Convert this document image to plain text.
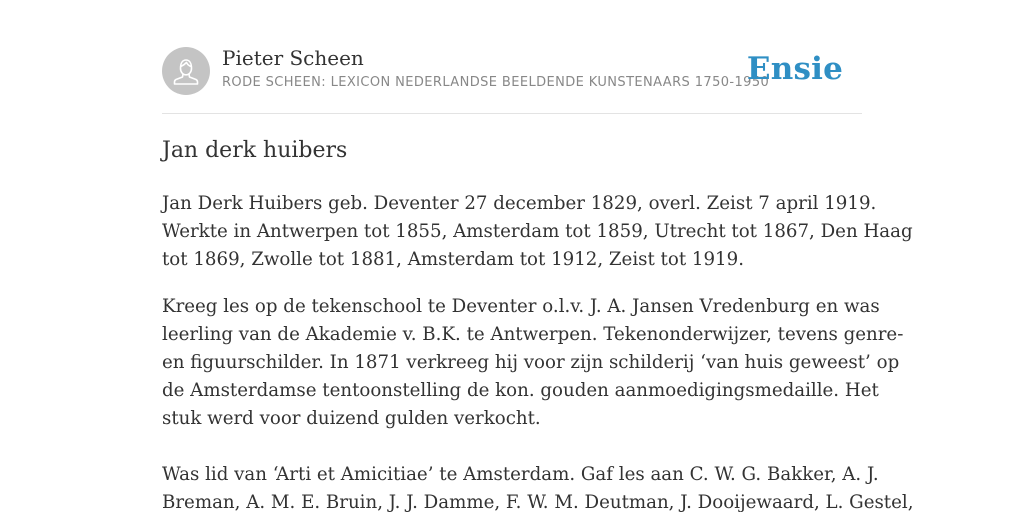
Pieter Scheen
RODE SCHEEN: LEXICON NEDERLANDSE BEELDENDE KUNSTENAARS 1750-1950
Ensie
Jan derk huibers

Jan Derk Huibers geb. Deventer 27 december 1829, overl. Zeist 7 april 1919.
Werkte in Antwerpen tot 1855, Amsterdam tot 1859, Utrecht tot 1867, Den Haag
tot 1869, Zwolle tot 1881, Amsterdam tot 1912, Zeist tot 1919.

Kreeg les op de tekenschool te Deventer o.l.v. J. A. Jansen Vredenburg en was
leerling van de Akademie v. B.K. te Antwerpen. Tekenonderwijzer, tevens genre-
en figuurschilder. In 1871 verkreeg hij voor zijn schilderij ‘van huis geweest’ op
de Amsterdamse tentoonstelling de kon. gouden aanmoedigingsmedaille. Het
stuk werd voor duizend gulden verkocht.

Was lid van ‘Arti et Amicitiae’ te Amsterdam. Gaf les aan C. W. G. Bakker, A. J.
Breman, A. M. E. Bruin, J. J. Damme, F. W. M. Deutman, J. Dooijewaard, L. Gestel,
